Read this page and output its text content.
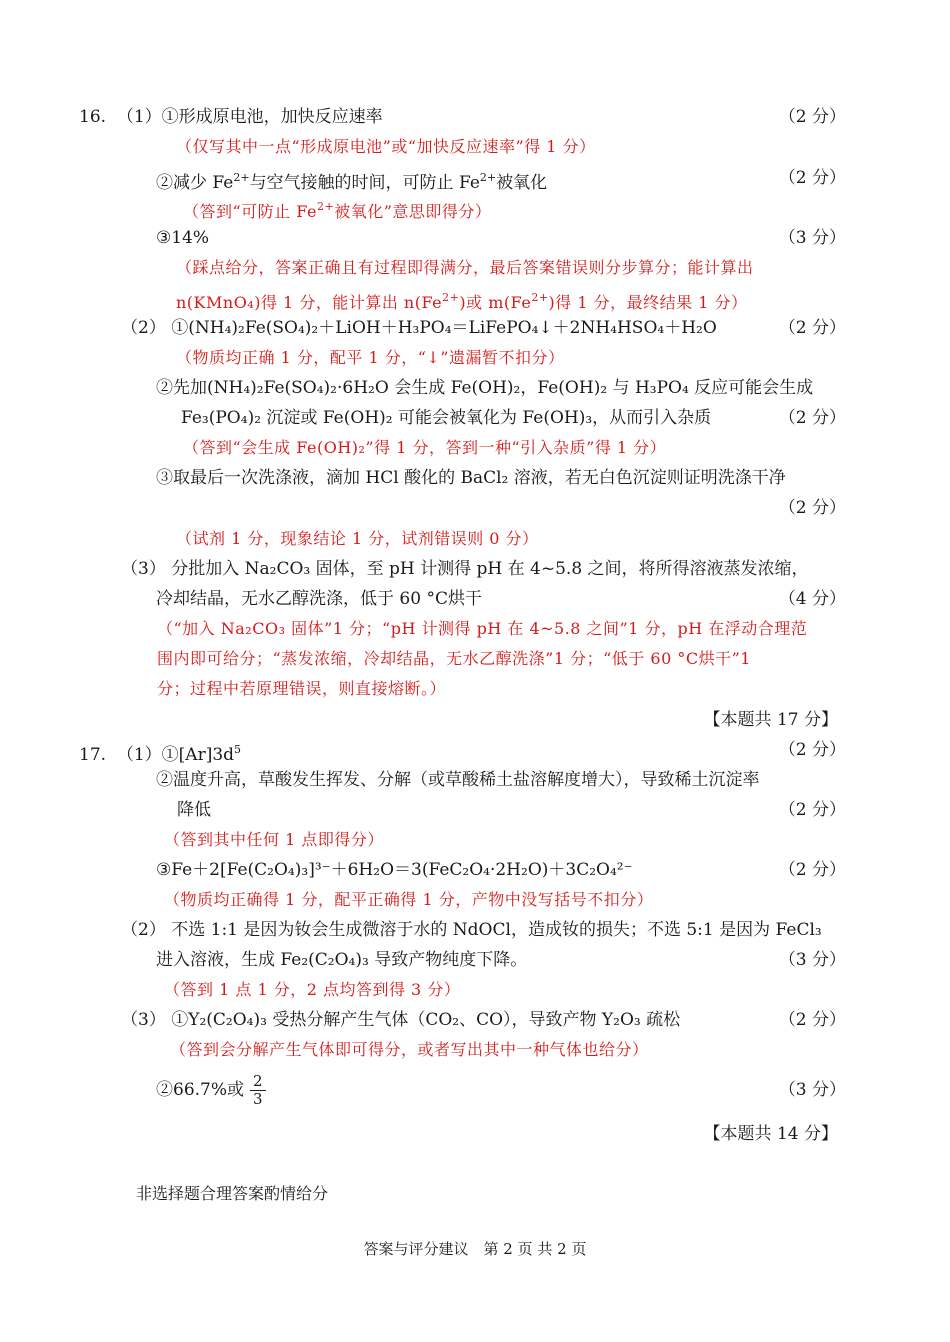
16. （1）①形成原电池，加快反应速率	（2 分）
（仅写其中一点“形成原电池”或“加快反应速率”得 1 分）
②减少 $Fe^{2+}$与空气接触的时间，可防止 $Fe^{2+}$被氧化	（2 分）
（答到“可防止 $Fe^{2+}$被氧化”意思即得分）
③14%	（3 分）
（踩点给分，答案正确且有过程即得满分，最后答案错误则分步算分；能计算出
n(KMnO₄)得 1 分，能计算出 $n(Fe^{2+})$或 $m(Fe^{2+})$得 1 分，最终结果 1 分）
（2） ①(NH₄)₂Fe(SO₄)₂＋LiOH＋H₃PO₄＝LiFePO₄↓＋2NH₄HSO₄＋H₂O	（2 分）
（物质均正确 1 分，配平 1 分，“↓”遗漏暂不扣分）
②先加(NH₄)₂Fe(SO₄)₂·6H₂O 会生成 Fe(OH)₂，Fe(OH)₂ 与 H₃PO₄ 反应可能会生成
Fe₃(PO₄)₂ 沉淀或 Fe(OH)₂ 可能会被氧化为 Fe(OH)₃，从而引入杂质	（2 分）
（答到“会生成 Fe(OH)₂”得 1 分，答到一种“引入杂质”得 1 分）
③取最后一次洗涤液，滴加 HCl 酸化的 BaCl₂ 溶液，若无白色沉淀则证明洗涤干净
（2 分）
（试剂 1 分，现象结论 1 分，试剂错误则 0 分）
（3） 分批加入 Na₂CO₃ 固体，至 pH 计测得 pH 在 4~5.8 之间，将所得溶液蒸发浓缩，
冷却结晶，无水乙醇洗涤，低于 60 °C烘干	（4 分）
（“加入 Na₂CO₃ 固体”1 分；“pH 计测得 pH 在 4~5.8 之间”1 分，pH 在浮动合理范
围内即可给分；“蒸发浓缩，冷却结晶，无水乙醇洗涤”1 分；“低于 60 °C烘干”1
分；过程中若原理错误，则直接熔断。）
【本题共 17 分】
17. $(1)①[Ar]3d^5$	（2 分）
②温度升高，草酸发生挥发、分解（或草酸稀土盐溶解度增大），导致稀土沉淀率
降低	（2 分）
（答到其中任何 1 点即得分）
③Fe＋2[Fe(C₂O₄)₃]³⁻＋6H₂O＝3(FeC₂O₄·2H₂O)＋3C₂O₄²⁻	（2 分）
（物质均正确得 1 分，配平正确得 1 分，产物中没写括号不扣分）
（2） 不选 1:1 是因为钕会生成微溶于水的 NdOCl，造成钕的损失；不选 5:1 是因为 FeCl₃
进入溶液，生成 Fe₂(C₂O₄)₃ 导致产物纯度下降。	（3 分）
（答到 1 点 1 分，2 点均答到得 3 分）
（3） ①Y₂(C₂O₄)₃ 受热分解产生气体（CO₂、CO），导致产物 Y₂O₃ 疏松	（2 分）
（答到会分解产生气体即可得分，或者写出其中一种气体也给分）
②66.7%或 $\frac{2}{3}$	（3 分）
【本题共 14 分】
非选择题合理答案酌情给分
答案与评分建议　第 2 页 共 2 页
